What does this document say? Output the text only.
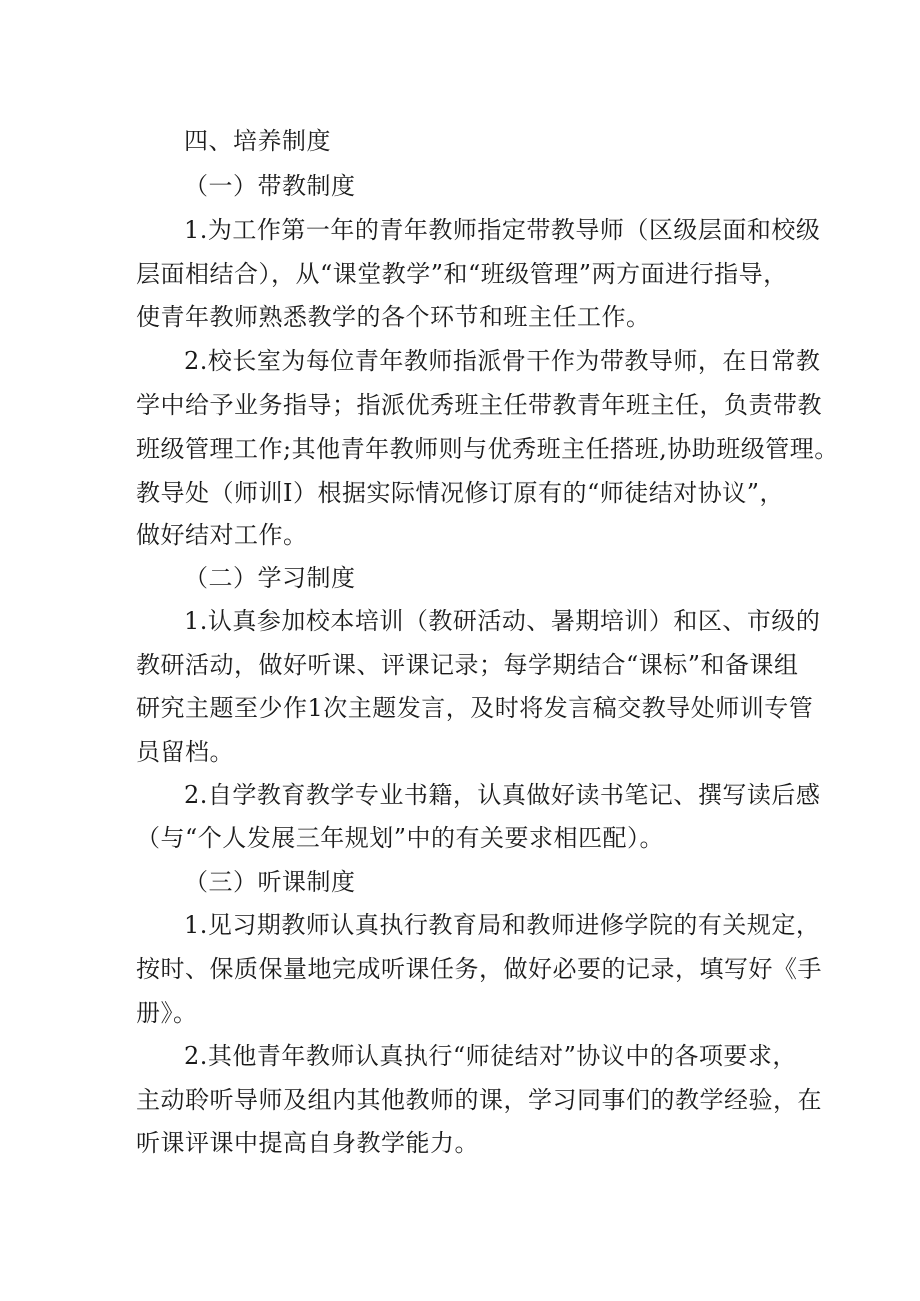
四、培养制度
（一）带教制度
1.为工作第一年的青年教师指定带教导师（区级层面和校级
层面相结合），从“课堂教学”和“班级管理”两方面进行指导，
使青年教师熟悉教学的各个环节和班主任工作。
2.校长室为每位青年教师指派骨干作为带教导师，在日常教
学中给予业务指导；指派优秀班主任带教青年班主任，负责带教
班级管理工作;其他青年教师则与优秀班主任搭班,协助班级管理。
教导处（师训I）根据实际情况修订原有的“师徒结对协议”，
做好结对工作。
（二）学习制度
1.认真参加校本培训（教研活动、暑期培训）和区、市级的
教研活动，做好听课、评课记录；每学期结合“课标”和备课组
研究主题至少作1次主题发言，及时将发言稿交教导处师训专管
员留档。
2.自学教育教学专业书籍，认真做好读书笔记、撰写读后感
（与“个人发展三年规划”中的有关要求相匹配）。
（三）听课制度
1.见习期教师认真执行教育局和教师进修学院的有关规定，
按时、保质保量地完成听课任务，做好必要的记录，填写好《手
册》。
2.其他青年教师认真执行“师徒结对”协议中的各项要求，
主动聆听导师及组内其他教师的课，学习同事们的教学经验，在
听课评课中提高自身教学能力。
